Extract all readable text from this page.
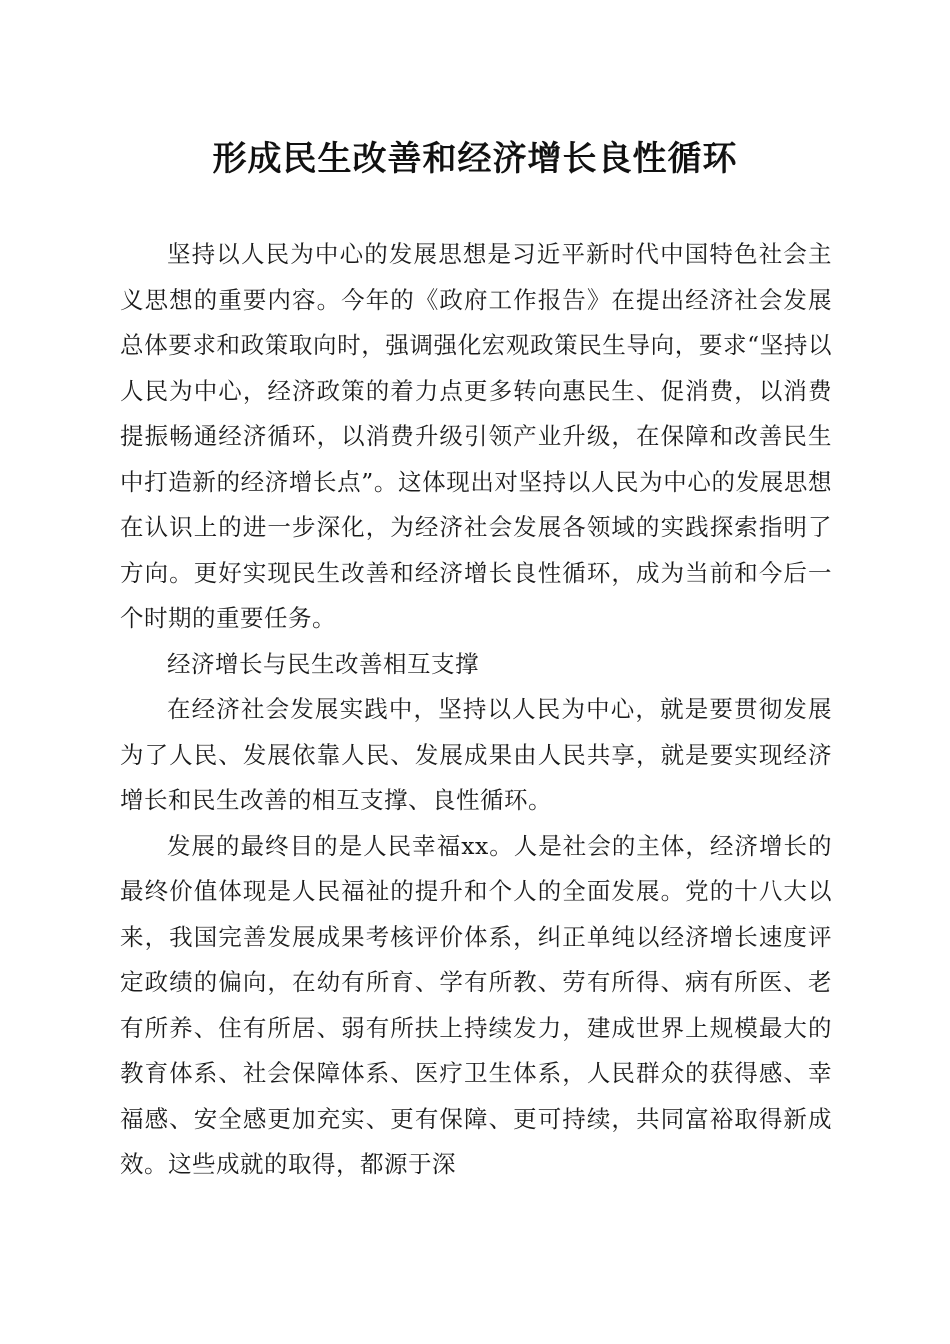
形成民生改善和经济增长良性循环

坚持以人民为中心的发展思想是习近平新时代中国特色社会主义思想的重要内容。今年的《政府工作报告》在提出经济社会发展总体要求和政策取向时，强调强化宏观政策民生导向，要求“坚持以人民为中心，经济政策的着力点更多转向惠民生、促消费，以消费提振畅通经济循环，以消费升级引领产业升级，在保障和改善民生中打造新的经济增长点”。这体现出对坚持以人民为中心的发展思想在认识上的进一步深化，为经济社会发展各领域的实践探索指明了方向。更好实现民生改善和经济增长良性循环，成为当前和今后一个时期的重要任务。

经济增长与民生改善相互支撑

在经济社会发展实践中，坚持以人民为中心，就是要贯彻发展为了人民、发展依靠人民、发展成果由人民共享，就是要实现经济增长和民生改善的相互支撑、良性循环。

发展的最终目的是人民幸福xx。人是社会的主体，经济增长的最终价值体现是人民福祉的提升和个人的全面发展。党的十八大以来，我国完善发展成果考核评价体系，纠正单纯以经济增长速度评定政绩的偏向，在幼有所育、学有所教、劳有所得、病有所医、老有所养、住有所居、弱有所扶上持续发力，建成世界上规模最大的教育体系、社会保障体系、医疗卫生体系，人民群众的获得感、幸福感、安全感更加充实、更有保障、更可持续，共同富裕取得新成效。这些成就的取得，都源于深
